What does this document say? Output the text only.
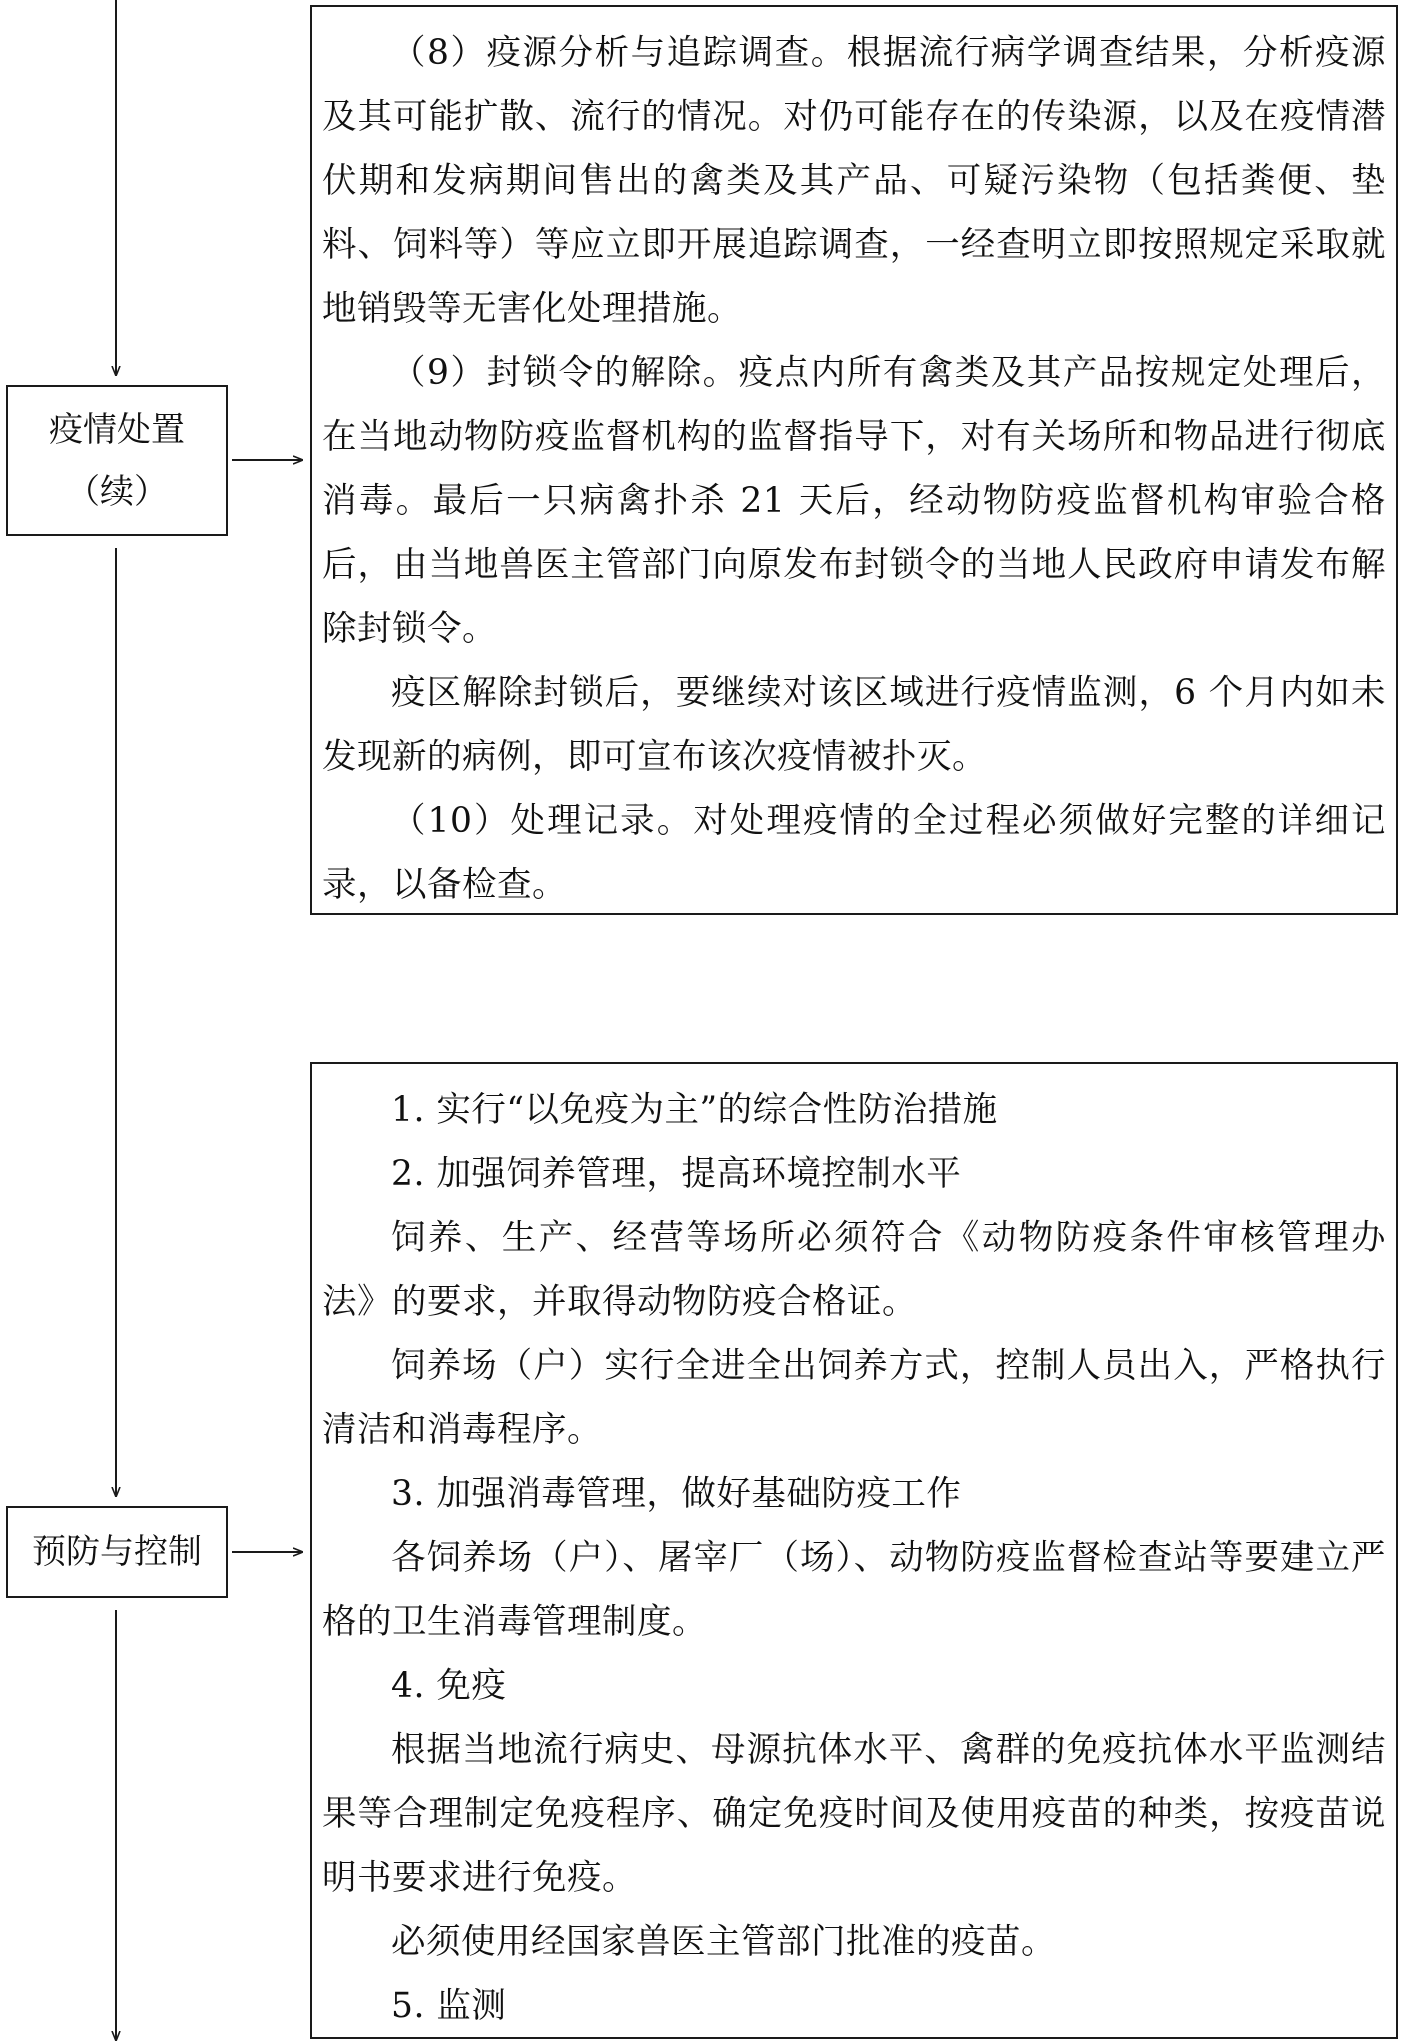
疫情处置
（续）
预防与控制

（8）疫源分析与追踪调查。根据流行病学调查结果，分析疫源及其可能扩散、流行的情况。对仍可能存在的传染源，以及在疫情潜伏期和发病期间售出的禽类及其产品、可疑污染物（包括粪便、垫料、饲料等）等应立即开展追踪调查，一经查明立即按照规定采取就地销毁等无害化处理措施。

（9）封锁令的解除。疫点内所有禽类及其产品按规定处理后，在当地动物防疫监督机构的监督指导下，对有关场所和物品进行彻底消毒。最后一只病禽扑杀 21 天后，经动物防疫监督机构审验合格后，由当地兽医主管部门向原发布封锁令的当地人民政府申请发布解除封锁令。

疫区解除封锁后，要继续对该区域进行疫情监测，6 个月内如未发现新的病例，即可宣布该次疫情被扑灭。

（10）处理记录。对处理疫情的全过程必须做好完整的详细记录，以备检查。

1. 实行“以免疫为主”的综合性防治措施

2. 加强饲养管理，提高环境控制水平

饲养、生产、经营等场所必须符合《动物防疫条件审核管理办法》的要求，并取得动物防疫合格证。

饲养场（户）实行全进全出饲养方式，控制人员出入，严格执行清洁和消毒程序。

3. 加强消毒管理，做好基础防疫工作

各饲养场（户）、屠宰厂（场）、动物防疫监督检查站等要建立严格的卫生消毒管理制度。

4. 免疫

根据当地流行病史、母源抗体水平、禽群的免疫抗体水平监测结果等合理制定免疫程序、确定免疫时间及使用疫苗的种类，按疫苗说明书要求进行免疫。

必须使用经国家兽医主管部门批准的疫苗。

5. 监测
